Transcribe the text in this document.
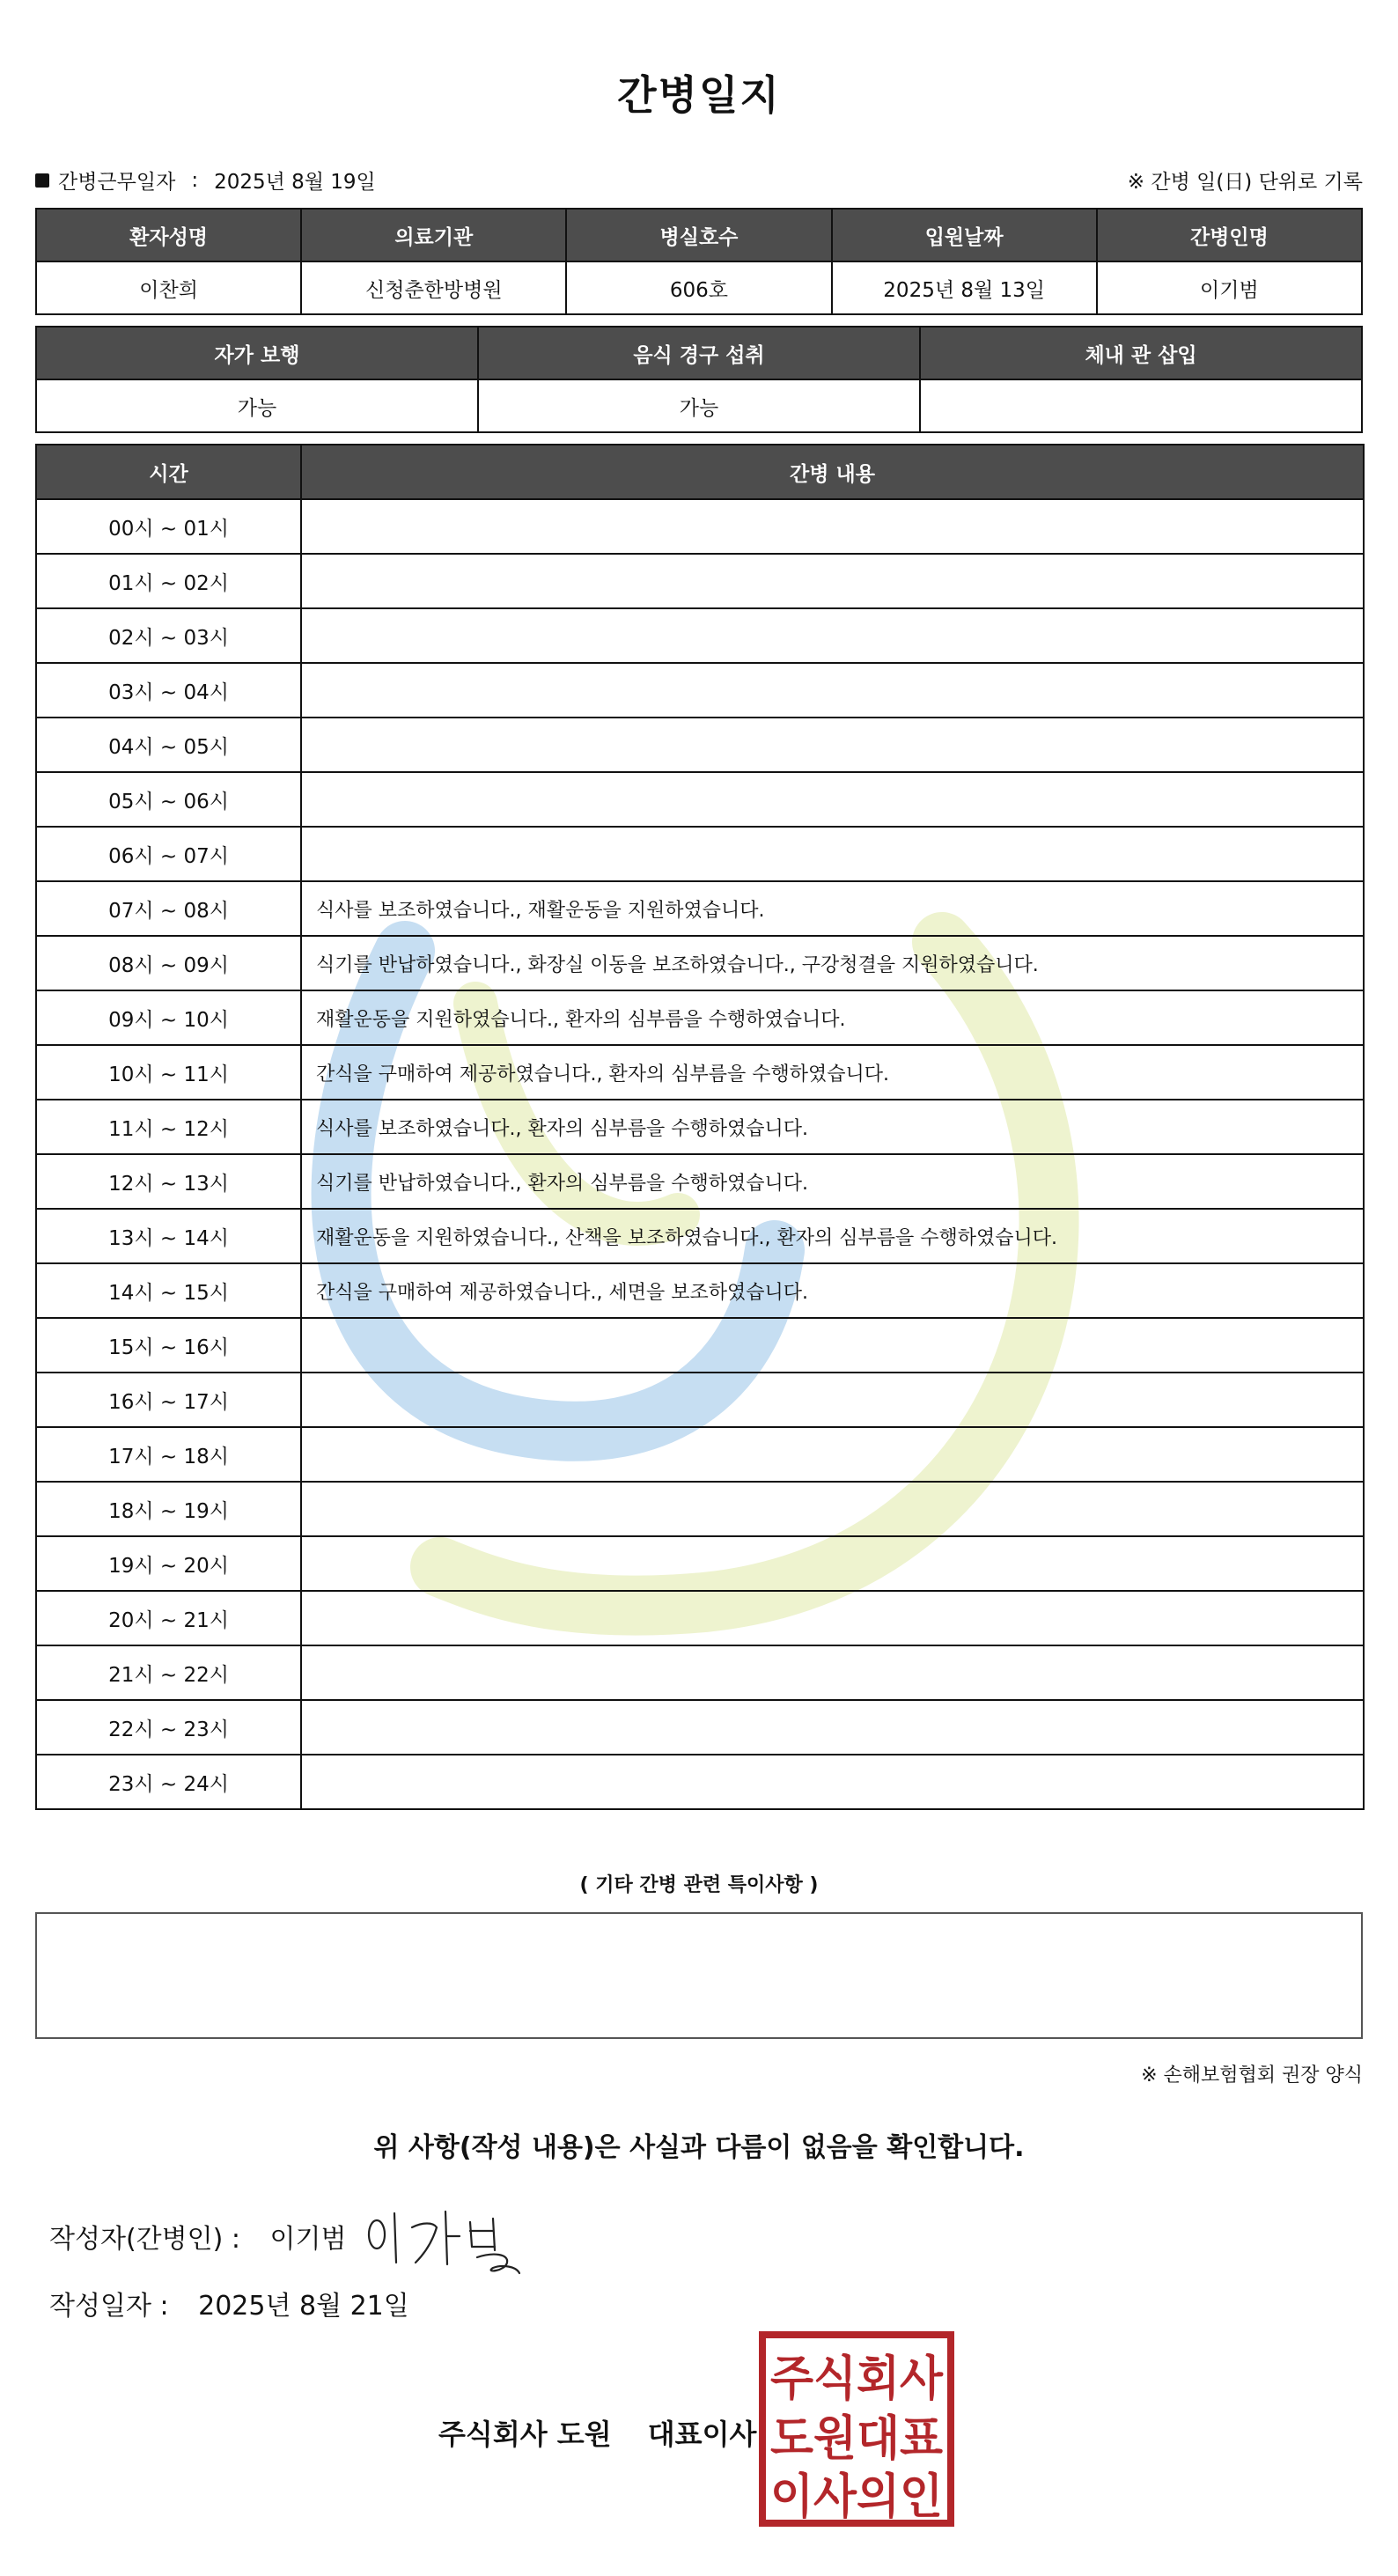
간병일지
간병근무일자 : 2025년 8월 19일	※ 간병 일(日) 단위로 기록
환자성명	의료기관	병실호수	입원날짜	간병인명
이찬희	신청춘한방병원	606호	2025년 8월 13일	이기범
자가 보행	음식 경구 섭취	체내 관 삽입
가능	가능	
시간	간병 내용
00시 ~ 01시	
01시 ~ 02시	
02시 ~ 03시	
03시 ~ 04시	
04시 ~ 05시	
05시 ~ 06시	
06시 ~ 07시	
07시 ~ 08시	식사를 보조하였습니다., 재활운동을 지원하였습니다.
08시 ~ 09시	식기를 반납하였습니다., 화장실 이동을 보조하였습니다., 구강청결을 지원하였습니다.
09시 ~ 10시	재활운동을 지원하였습니다., 환자의 심부름을 수행하였습니다.
10시 ~ 11시	간식을 구매하여 제공하였습니다., 환자의 심부름을 수행하였습니다.
11시 ~ 12시	식사를 보조하였습니다., 환자의 심부름을 수행하였습니다.
12시 ~ 13시	식기를 반납하였습니다., 환자의 심부름을 수행하였습니다.
13시 ~ 14시	재활운동을 지원하였습니다., 산책을 보조하였습니다., 환자의 심부름을 수행하였습니다.
14시 ~ 15시	간식을 구매하여 제공하였습니다., 세면을 보조하였습니다.
15시 ~ 16시	
16시 ~ 17시	
17시 ~ 18시	
18시 ~ 19시	
19시 ~ 20시	
20시 ~ 21시	
21시 ~ 22시	
22시 ~ 23시	
23시 ~ 24시	
( 기타 간병 관련 특이사항 )
※ 손해보험협회 권장 양식
위 사항(작성 내용)은 사실과 다름이 없음을 확인합니다.
작성자(간병인) : 이기범
작성일자 : 2025년 8월 21일
주식회사 도원 대표이사
주식회사
도원대표
이사의인
